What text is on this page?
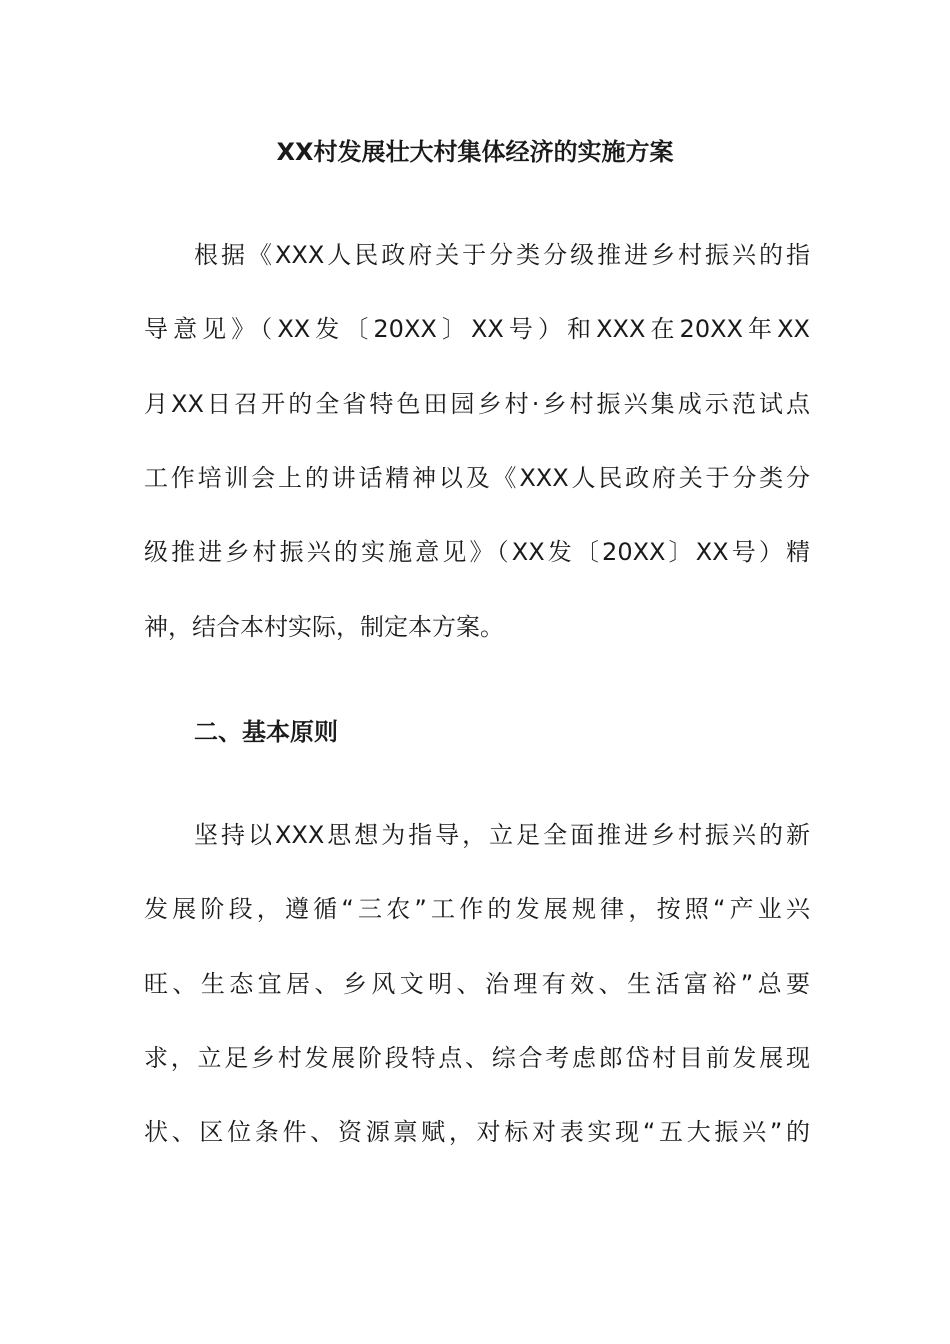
XX村发展壮大村集体经济的实施方案

根据《XXX人民政府关于分类分级推进乡村振兴的指

导意见》（XX发〔20XX〕XX号）和XXX在20XX年XX

月XX日召开的全省特色田园乡村·乡村振兴集成示范试点

工作培训会上的讲话精神以及《XXX人民政府关于分类分

级推进乡村振兴的实施意见》（XX发〔20XX〕XX号）精

神，结合本村实际，制定本方案。

二、基本原则

坚持以XXX思想为指导，立足全面推进乡村振兴的新

发展阶段，遵循“三农”工作的发展规律，按照“产业兴

旺、生态宜居、乡风文明、治理有效、生活富裕”总要

求，立足乡村发展阶段特点、综合考虑郎岱村目前发展现

状、区位条件、资源禀赋，对标对表实现“五大振兴”的
